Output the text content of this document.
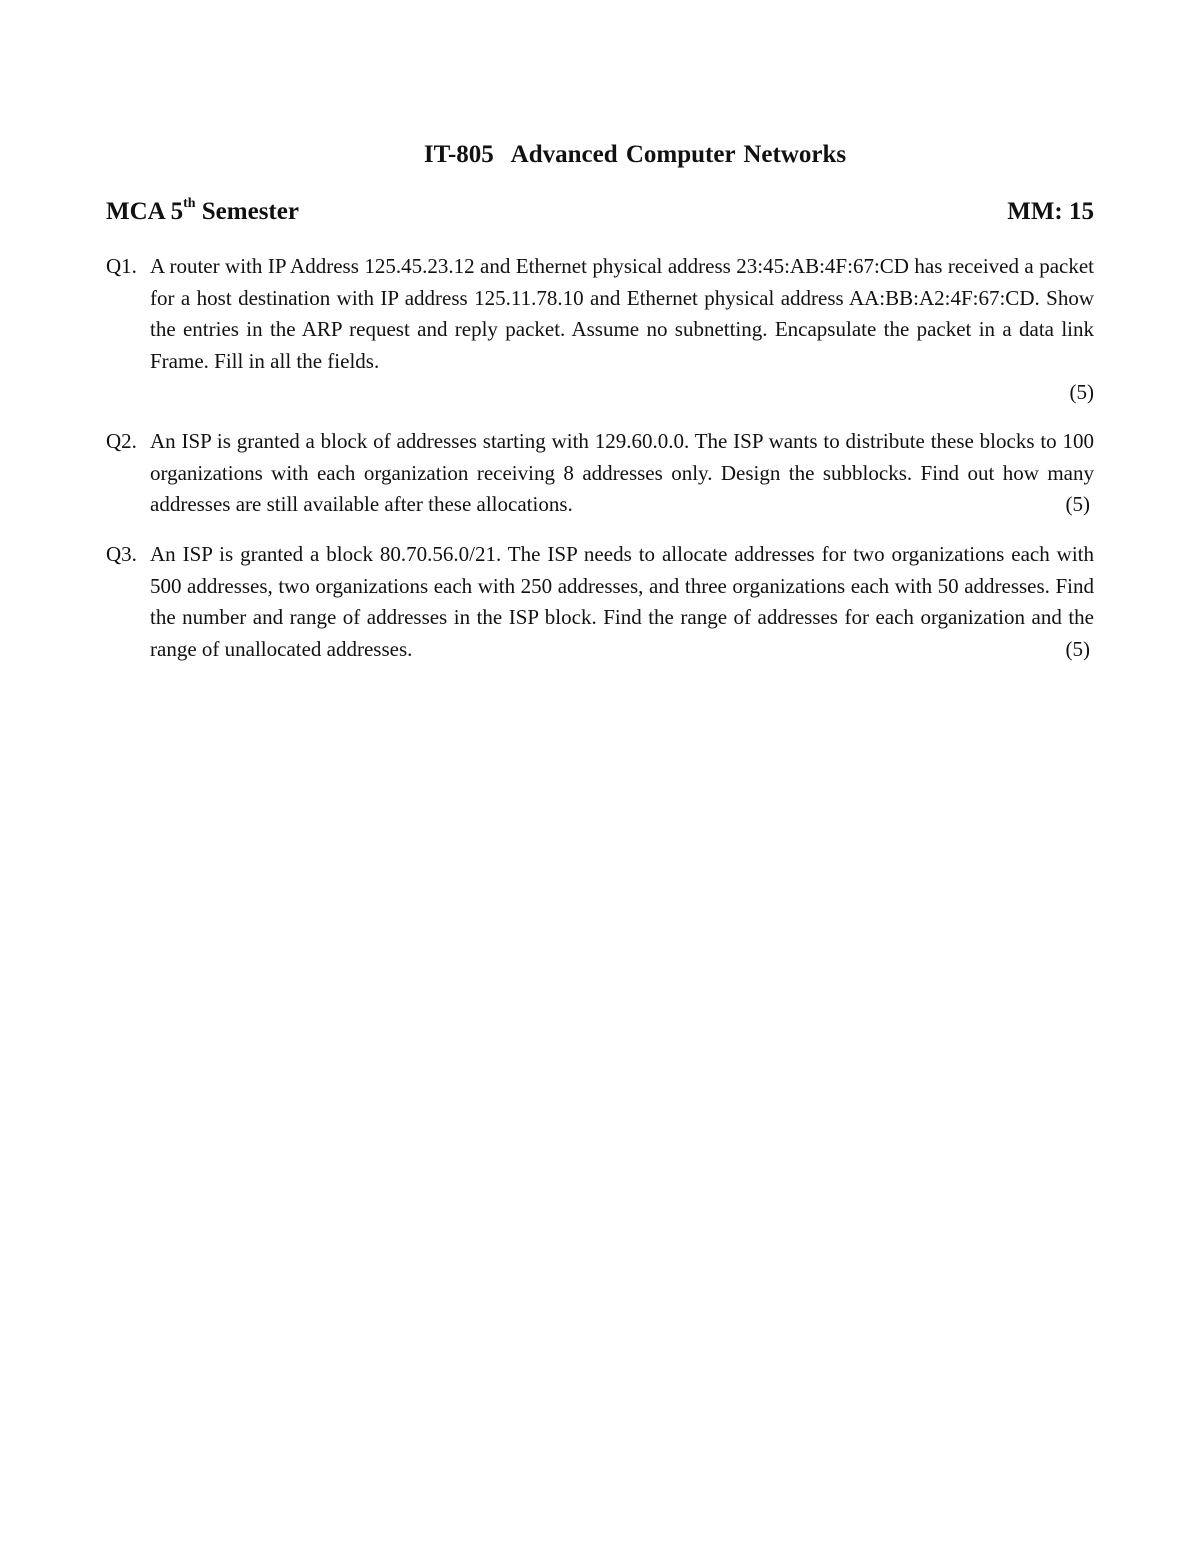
IT-805 Advanced Computer Networks
MCA 5th Semester	MM: 15
Q1. A router with IP Address 125.45.23.12 and Ethernet physical address 23:45:AB:4F:67:CD has received a packet for a host destination with IP address 125.11.78.10 and Ethernet physical address AA:BB:A2:4F:67:CD. Show the entries in the ARP request and reply packet. Assume no subnetting. Encapsulate the packet in a data link Frame. Fill in all the fields.
(5)
Q2. An ISP is granted a block of addresses starting with 129.60.0.0. The ISP wants to distribute these blocks to 100 organizations with each organization receiving 8 addresses only. Design the subblocks. Find out how many addresses are still available after these allocations.	(5)
Q3. An ISP is granted a block 80.70.56.0/21. The ISP needs to allocate addresses for two organizations each with 500 addresses, two organizations each with 250 addresses, and three organizations each with 50 addresses. Find the number and range of addresses in the ISP block. Find the range of addresses for each organization and the range of unallocated addresses.	(5)
